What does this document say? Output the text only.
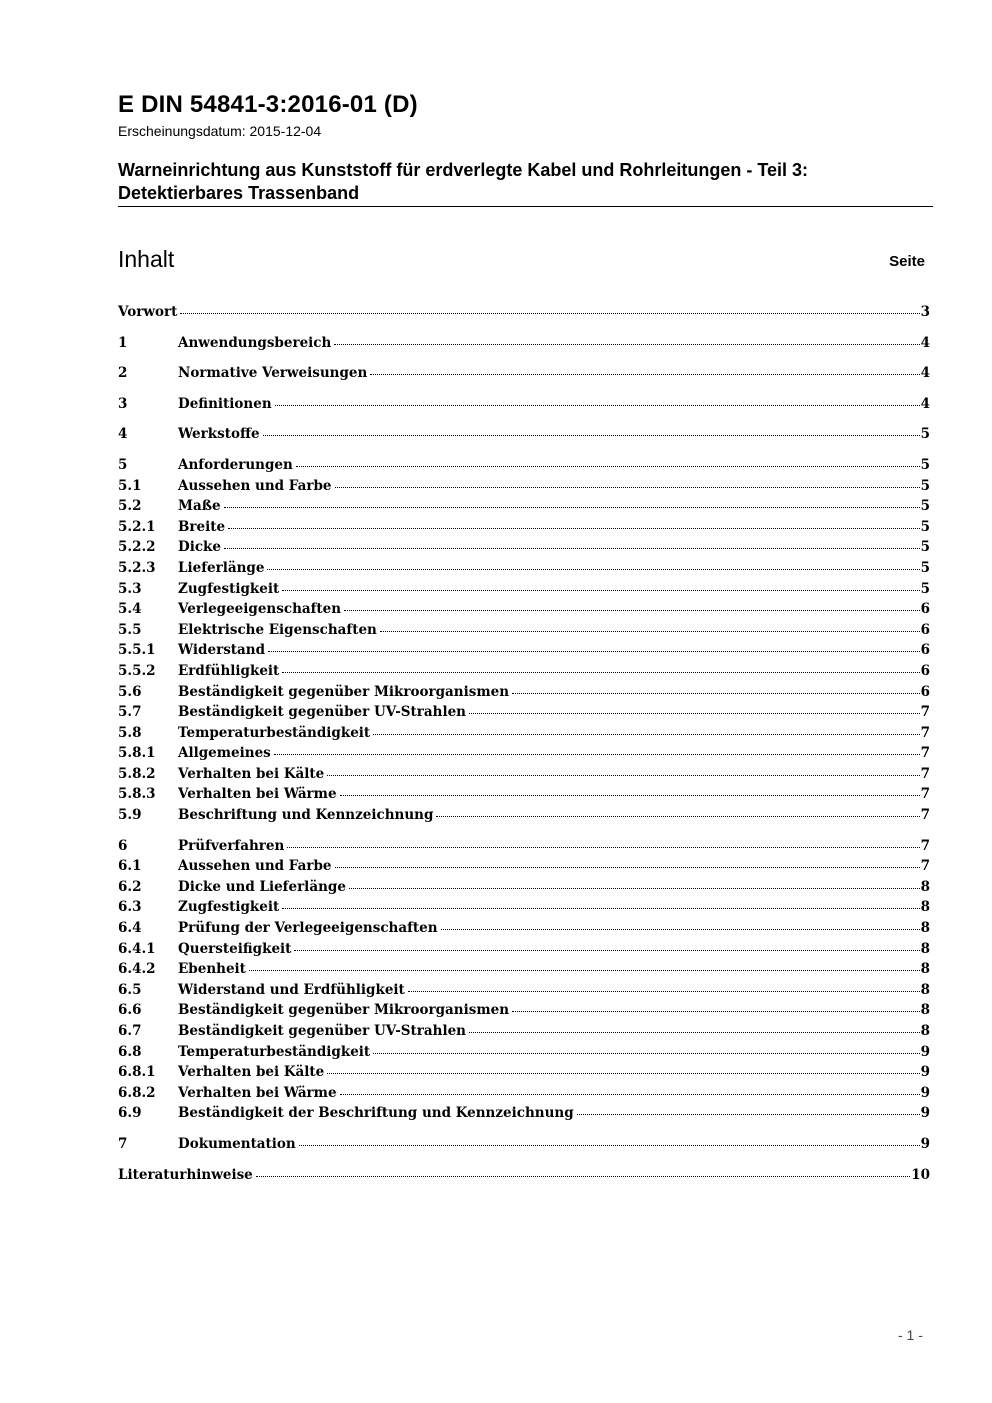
E DIN 54841-3:2016-01 (D)
Erscheinungsdatum: 2015-12-04
Warneinrichtung aus Kunststoff für erdverlegte Kabel und Rohrleitungen - Teil 3:
Detektierbares Trassenband
Inhalt	Seite
Vorwort	3
1	Anwendungsbereich	4
2	Normative Verweisungen	4
3	Definitionen	4
4	Werkstoffe	5
5	Anforderungen	5
5.1	Aussehen und Farbe	5
5.2	Maße	5
5.2.1	Breite	5
5.2.2	Dicke	5
5.2.3	Lieferlänge	5
5.3	Zugfestigkeit	5
5.4	Verlegeeigenschaften	6
5.5	Elektrische Eigenschaften	6
5.5.1	Widerstand	6
5.5.2	Erdfühligkeit	6
5.6	Beständigkeit gegenüber Mikroorganismen	6
5.7	Beständigkeit gegenüber UV-Strahlen	7
5.8	Temperaturbeständigkeit	7
5.8.1	Allgemeines	7
5.8.2	Verhalten bei Kälte	7
5.8.3	Verhalten bei Wärme	7
5.9	Beschriftung und Kennzeichnung	7
6	Prüfverfahren	7
6.1	Aussehen und Farbe	7
6.2	Dicke und Lieferlänge	8
6.3	Zugfestigkeit	8
6.4	Prüfung der Verlegeeigenschaften	8
6.4.1	Quersteifigkeit	8
6.4.2	Ebenheit	8
6.5	Widerstand und Erdfühligkeit	8
6.6	Beständigkeit gegenüber Mikroorganismen	8
6.7	Beständigkeit gegenüber UV-Strahlen	8
6.8	Temperaturbeständigkeit	9
6.8.1	Verhalten bei Kälte	9
6.8.2	Verhalten bei Wärme	9
6.9	Beständigkeit der Beschriftung und Kennzeichnung	9
7	Dokumentation	9
Literaturhinweise	10
- 1 -
